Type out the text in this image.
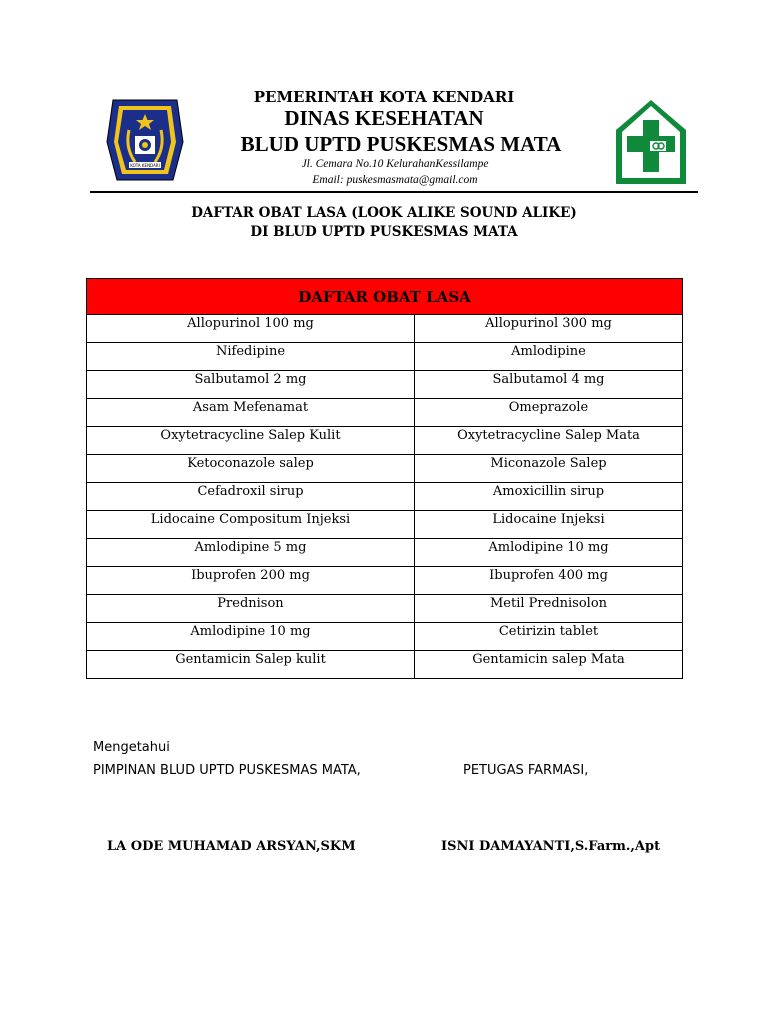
KOTA KENDARI
PEMERINTAH KOTA KENDARI
DINAS KESEHATAN
BLUD UPTD PUSKESMAS MATA
Jl. Cemara No.10 KelurahanKessilampe
Email: puskesmasmata@gmail.com
DAFTAR OBAT LASA (LOOK ALIKE SOUND ALIKE)
DI BLUD UPTD PUSKESMAS MATA
DAFTAR OBAT LASA	
Allopurinol 100 mg	Allopurinol 300 mg
Nifedipine	Amlodipine
Salbutamol 2 mg	Salbutamol 4 mg
Asam Mefenamat	Omeprazole
Oxytetracycline Salep Kulit	Oxytetracycline Salep Mata
Ketoconazole salep	Miconazole Salep
Cefadroxil sirup	Amoxicillin sirup
Lidocaine Compositum Injeksi	Lidocaine Injeksi
Amlodipine 5 mg	Amlodipine 10 mg
Ibuprofen 200 mg	Ibuprofen 400 mg
Prednison	Metil Prednisolon
Amlodipine 10 mg	Cetirizin tablet
Gentamicin Salep kulit	Gentamicin salep Mata
Mengetahui
PIMPINAN BLUD UPTD PUSKESMAS MATA,	PETUGAS FARMASI,
LA ODE MUHAMAD ARSYAN,SKM	ISNI DAMAYANTI,S.Farm.,Apt
